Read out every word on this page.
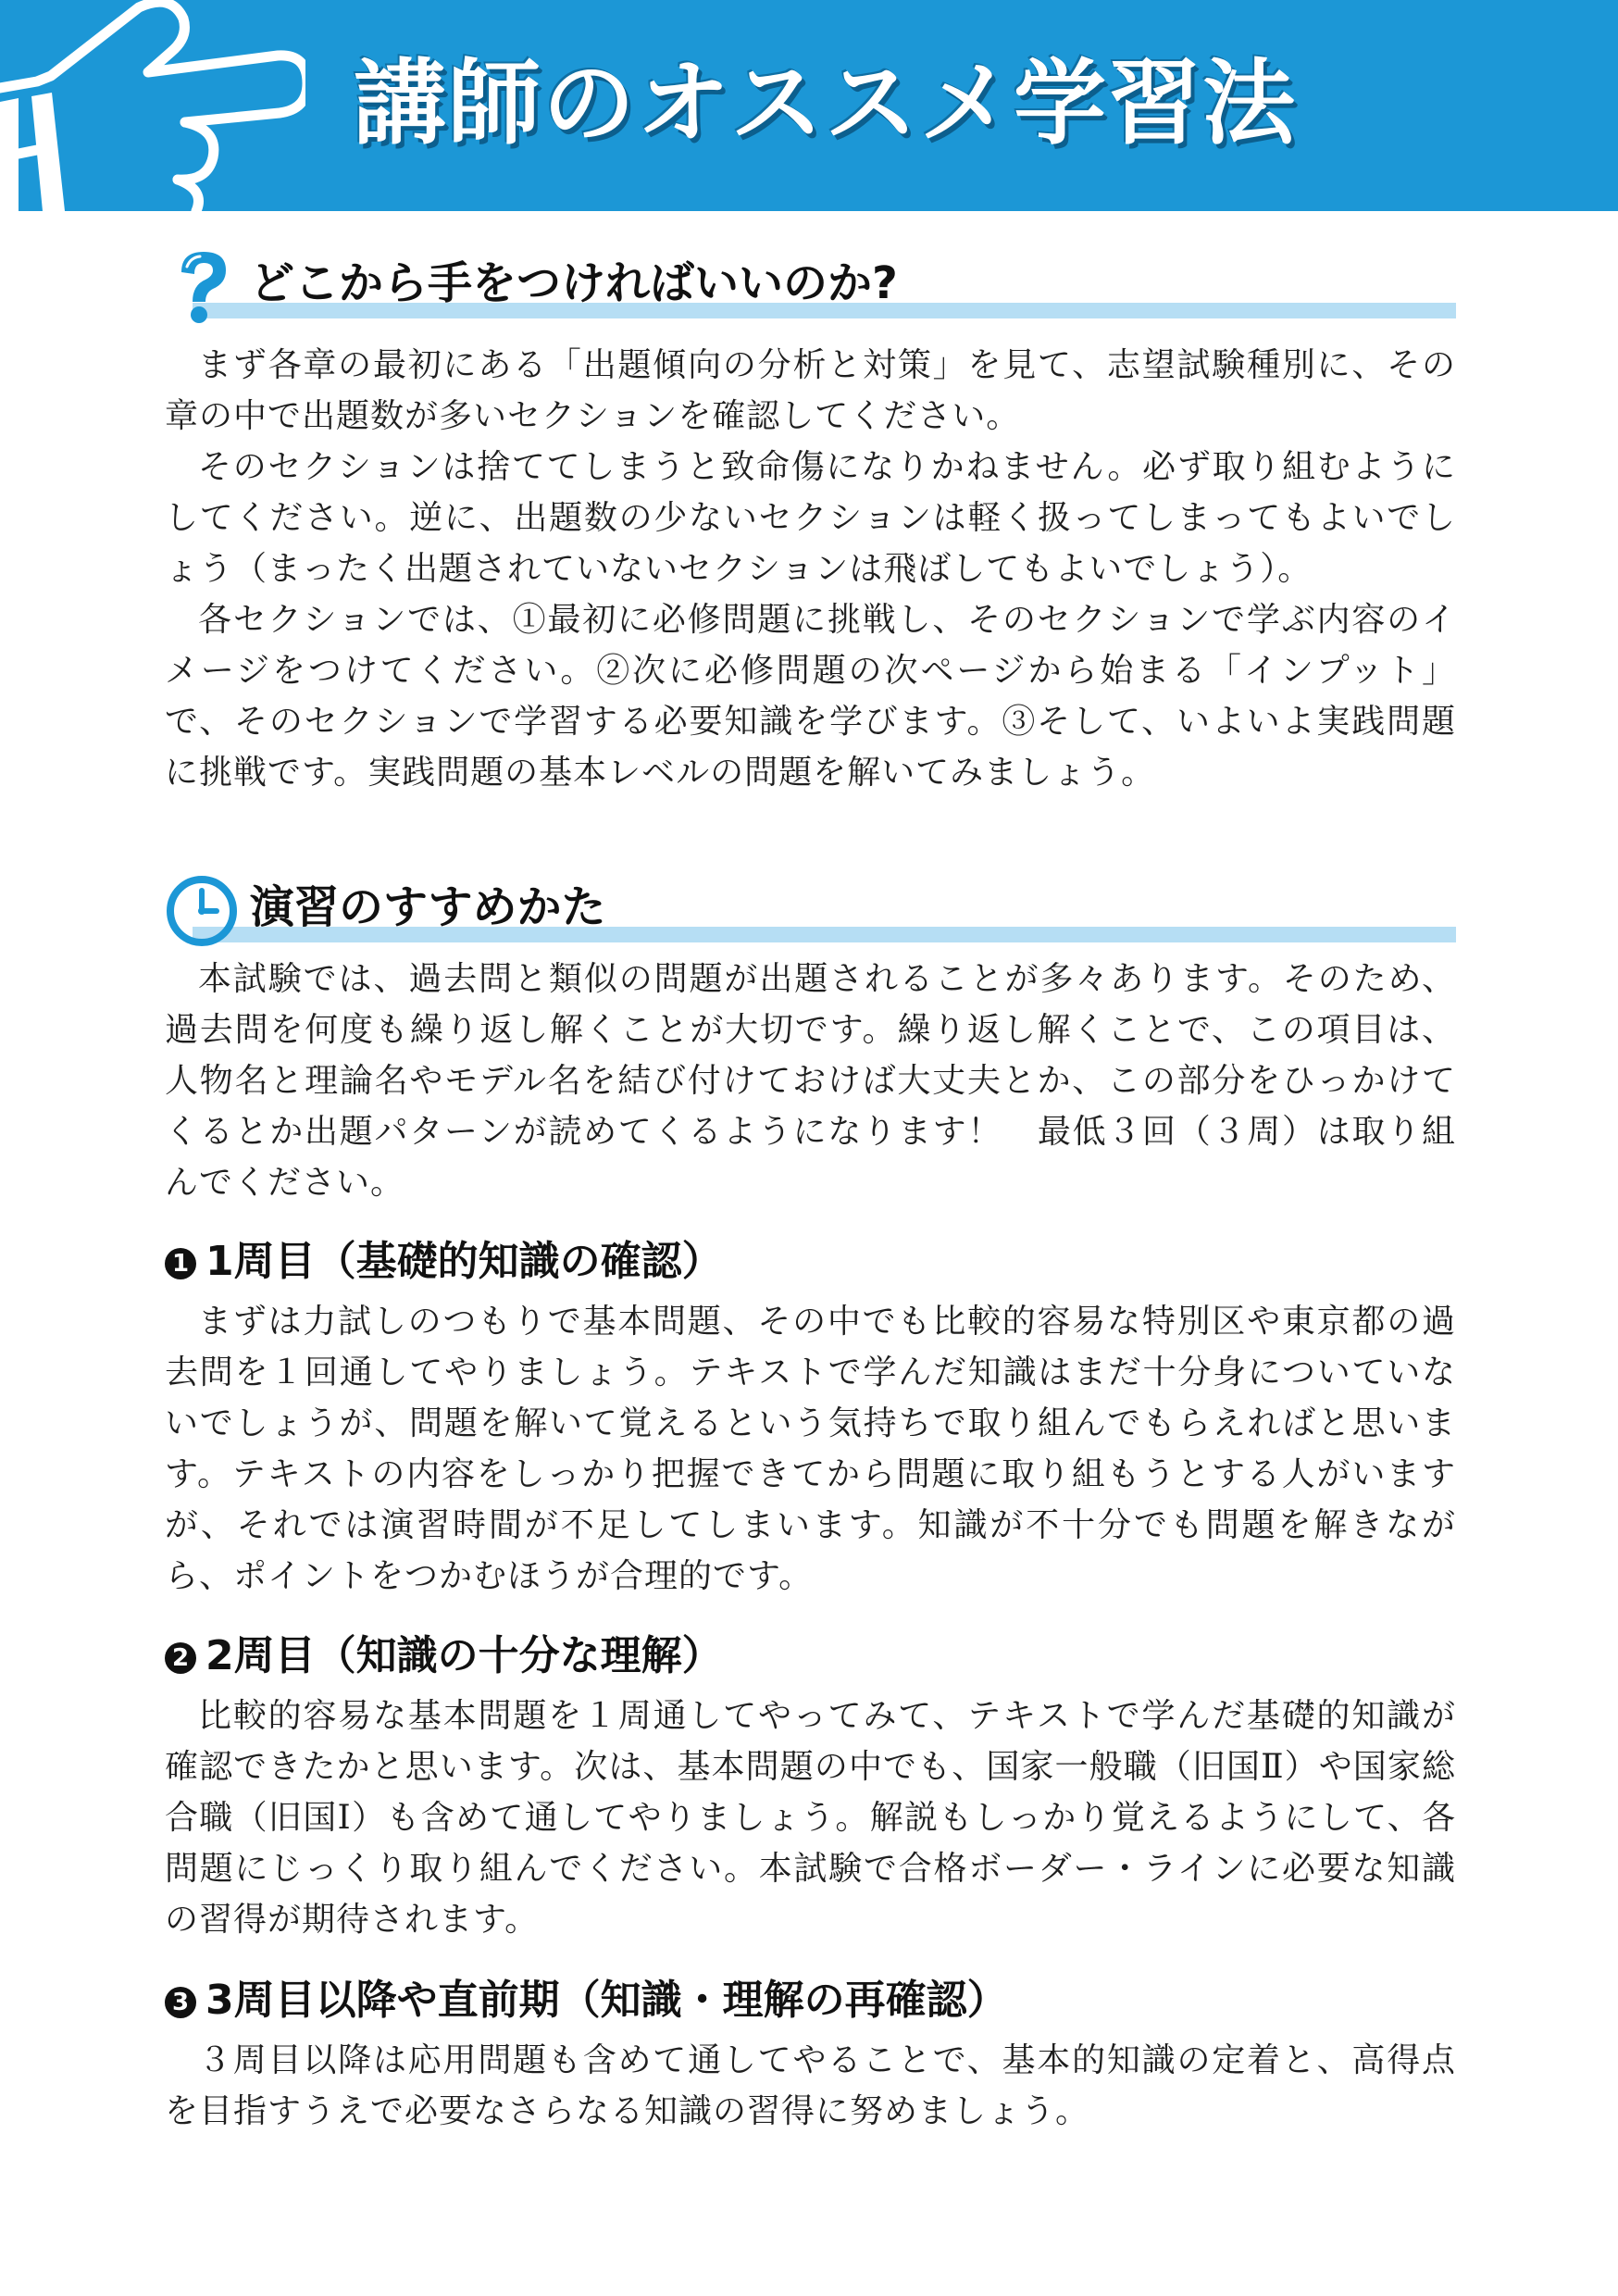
講師のオススメ学習法
どこから手をつければいいのか?

まず各章の最初にある「出題傾向の分析と対策」を見て、志望試験種別に、その章の中で出題数が多いセクションを確認してください。

そのセクションは捨ててしまうと致命傷になりかねません。必ず取り組むようにしてください。逆に、出題数の少ないセクションは軽く扱ってしまってもよいでしょう（まったく出題されていないセクションは飛ばしてもよいでしょう）。

各セクションでは、①最初に必修問題に挑戦し、そのセクションで学ぶ内容のイメージをつけてください。②次に必修問題の次ページから始まる「インプット」で、そのセクションで学習する必要知識を学びます。③そして、いよいよ実践問題に挑戦です。実践問題の基本レベルの問題を解いてみましょう。

演習のすすめかた

本試験では、過去問と類似の問題が出題されることが多々あります。そのため、過去問を何度も繰り返し解くことが大切です。繰り返し解くことで、この項目は、人物名と理論名やモデル名を結び付けておけば大丈夫とか、この部分をひっかけてくるとか出題パターンが読めてくるようになります！　最低３回（３周）は取り組んでください。

1 1周目（基礎的知識の確認）

まずは力試しのつもりで基本問題、その中でも比較的容易な特別区や東京都の過去問を１回通してやりましょう。テキストで学んだ知識はまだ十分身についていないでしょうが、問題を解いて覚えるという気持ちで取り組んでもらえればと思います。テキストの内容をしっかり把握できてから問題に取り組もうとする人がいますが、それでは演習時間が不足してしまいます。知識が不十分でも問題を解きながら、ポイントをつかむほうが合理的です。

2 2周目（知識の十分な理解）

比較的容易な基本問題を１周通してやってみて、テキストで学んだ基礎的知識が確認できたかと思います。次は、基本問題の中でも、国家一般職（旧国Ⅱ）や国家総合職（旧国Ⅰ）も含めて通してやりましょう。解説もしっかり覚えるようにして、各問題にじっくり取り組んでください。本試験で合格ボーダー・ラインに必要な知識の習得が期待されます。

3 3周目以降や直前期（知識・理解の再確認）

３周目以降は応用問題も含めて通してやることで、基本的知識の定着と、高得点を目指すうえで必要なさらなる知識の習得に努めましょう。
